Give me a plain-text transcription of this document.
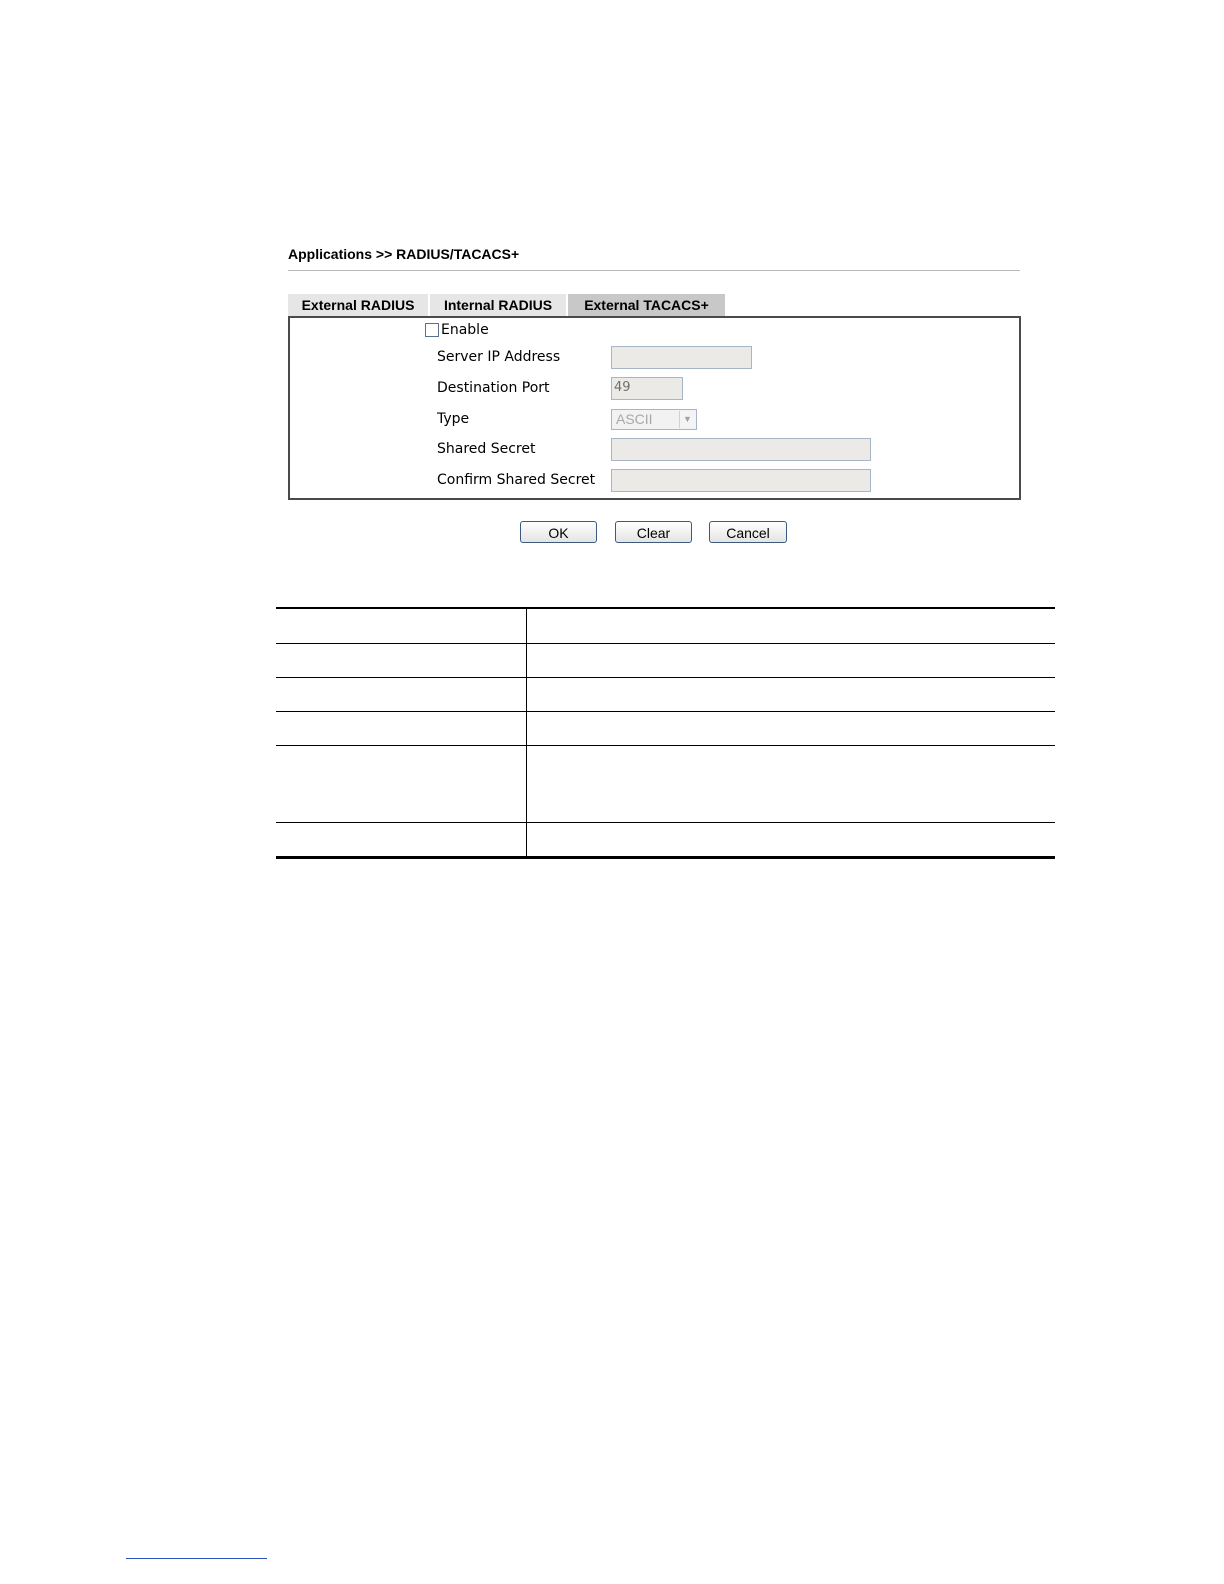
Applications >> RADIUS/TACACS+
External RADIUS	Internal RADIUS	External TACACS+
Enable
Server IP Address
Destination Port	49
Type	ASCII	▼
Shared Secret
Confirm Shared Secret
OK	Clear	Cancel
